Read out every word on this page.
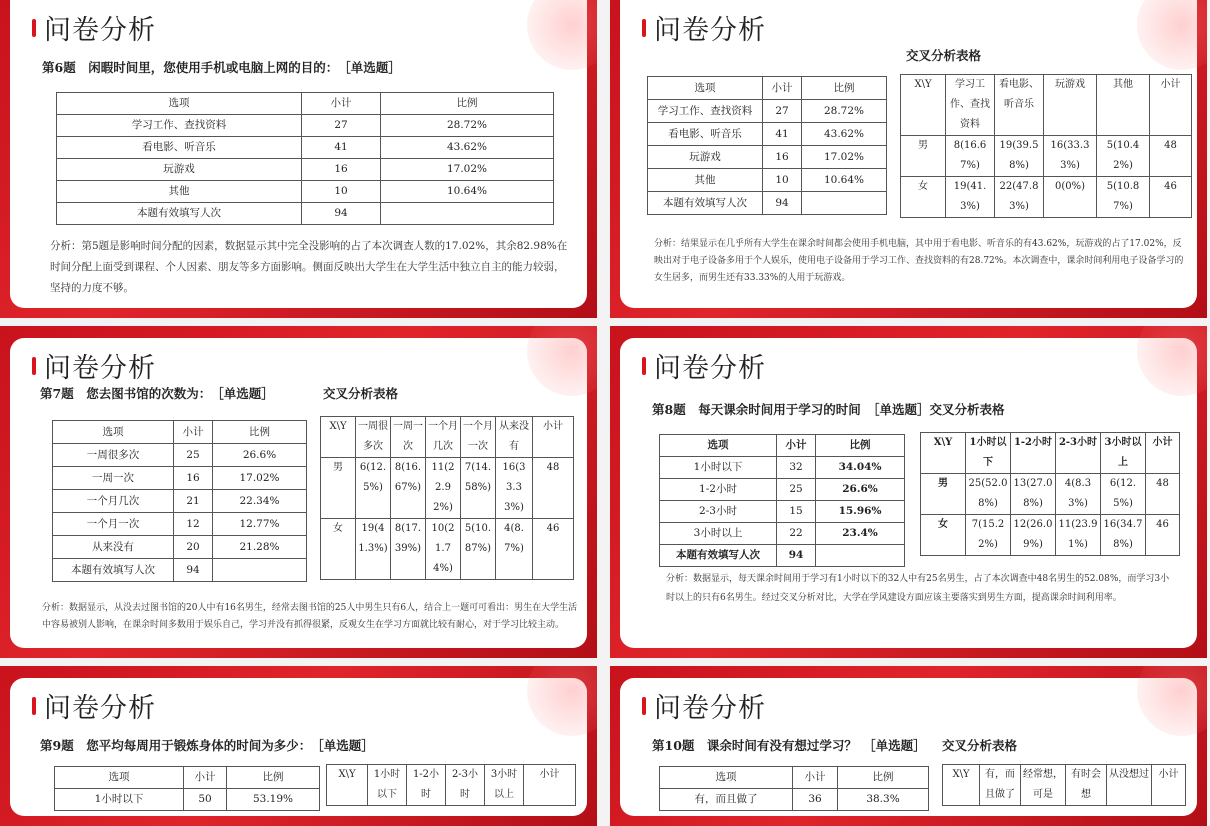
问卷分析
第6题　闲暇时间里，您使用手机或电脑上网的目的：　［单选题］
选项	小计	比例
学习工作、查找资料	27	28.72%
看电影、听音乐	41	43.62%
玩游戏	16	17.02%
其他	10	10.64%
本题有效填写人次	94	
分析：第5题是影响时间分配的因素，数据显示其中完全没影响的占了本次调查人数的17.02%，其余82.98%在时间分配上面受到课程、个人因素、朋友等多方面影响。侧面反映出大学生在大学生活中独立自主的能力较弱，坚持的力度不够。
问卷分析
交叉分析表格
选项	小计	比例
学习工作、查找资料	27	28.72%
看电影、听音乐	41	43.62%
玩游戏	16	17.02%
其他	10	10.64%
本题有效填写人次	94	
X\Y	学习工作、查找资料	看电影、听音乐	玩游戏	其他	小计
男	8(16.67%)	19(39.58%)	16(33.33%)	5(10.42%)	48
女	19(41.3%)	22(47.83%)	0(0%)	5(10.87%)	46
分析：结果显示在几乎所有大学生在课余时间都会使用手机电脑，其中用于看电影、听音乐的有43.62%，玩游戏的占了17.02%，反映出对于电子设备多用于个人娱乐，使用电子设备用于学习工作、查找资料的有28.72%。本次调查中，课余时间利用电子设备学习的女生居多，而男生还有33.33%的人用于玩游戏。
问卷分析
第7题　您去图书馆的次数为：　［单选题］	交叉分析表格
选项	小计	比例
一周很多次	25	26.6%
一周一次	16	17.02%
一个月几次	21	22.34%
一个月一次	12	12.77%
从来没有	20	21.28%
本题有效填写人次	94	
X\Y	一周很多次	一周一次	一个月几次	一个月一次	从来没有	小计
男	6(12.5%)	8(16.67%)	11(22.92%)	7(14.58%)	16(33.33%)	48
女	19(41.3%)	8(17.39%)	10(21.74%)	5(10.87%)	4(8.7%)	46
分析：数据显示，从没去过图书馆的20人中有16名男生，经常去图书馆的25人中男生只有6人，结合上一题可可看出：男生在大学生活中容易被别人影响，在课余时间多数用于娱乐自己，学习并没有抓得很紧，反观女生在学习方面就比较有耐心，对于学习比较主动。
问卷分析
第8题　每天课余时间用于学习的时间　［单选题］交叉分析表格
选项	小计	比例
1小时以下	32	34.04%
1-2小时	25	26.6%
2-3小时	15	15.96%
3小时以上	22	23.4%
本题有效填写人次	94	
X\Y	1小时以下	1-2小时	2-3小时	3小时以上	小计
男	25(52.08%)	13(27.08%)	4(8.33%)	6(12.5%)	48
女	7(15.22%)	12(26.09%)	11(23.91%)	16(34.78%)	46
分析：数据显示，每天课余时间用于学习有1小时以下的32人中有25名男生，占了本次调查中48名男生的52.08%，而学习3小时以上的只有6名男生。经过交叉分析对比，大学在学风建设方面应该主要落实到男生方面，提高课余时间利用率。
问卷分析
第9题　您平均每周用于锻炼身体的时间为多少：　［单选题］
选项	小计	比例
1小时以下	50	53.19%
X\Y	1小时以下	1-2小时	2-3小时	3小时以上	小计
问卷分析
第10题　课余时间有没有想过学习？　［单选题］ 交叉分析表格
选项	小计	比例
有，而且做了	36	38.3%
X\Y	有，而且做了	经常想，可是	有时会想	从没想过	小计
